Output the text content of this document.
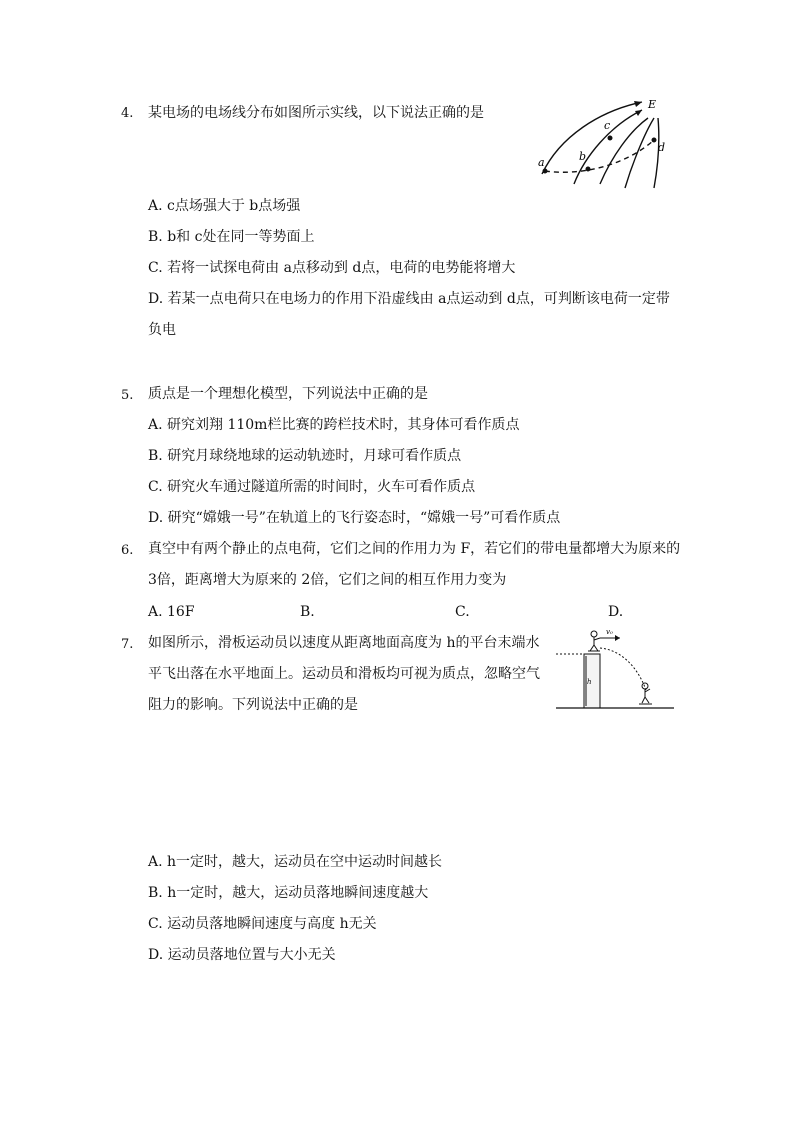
4. 某电场的电场线分布如图所示实线，以下说法正确的是
E
a	b
c
d
A. c点场强大于 b点场强
B. b和 c处在同一等势面上
C. 若将一试探电荷由 a点移动到 d点，电荷的电势能将增大
D. 若某一点电荷只在电场力的作用下沿虚线由 a点运动到 d点，可判断该电荷一定带
负电
5. 质点是一个理想化模型，下列说法中正确的是
A. 研究刘翔 110m栏比赛的跨栏技术时，其身体可看作质点
B. 研究月球绕地球的运动轨迹时，月球可看作质点
C. 研究火车通过隧道所需的时间时，火车可看作质点
D. 研究“嫦娥一号”在轨道上的飞行姿态时，“嫦娥一号”可看作质点
6. 真空中有两个静止的点电荷，它们之间的作用力为 F，若它们的带电量都增大为原来的
3倍，距离增大为原来的 2倍，它们之间的相互作用力变为
A. 16F	B.	C.	D.
7. 如图所示，滑板运动员以速度从距离地面高度为 h的平台末端水
平飞出落在水平地面上。运动员和滑板均可视为质点，忽略空气
阻力的影响。下列说法中正确的是
v₀
h
A. h一定时，越大，运动员在空中运动时间越长
B. h一定时，越大，运动员落地瞬间速度越大
C. 运动员落地瞬间速度与高度 h无关
D. 运动员落地位置与大小无关
